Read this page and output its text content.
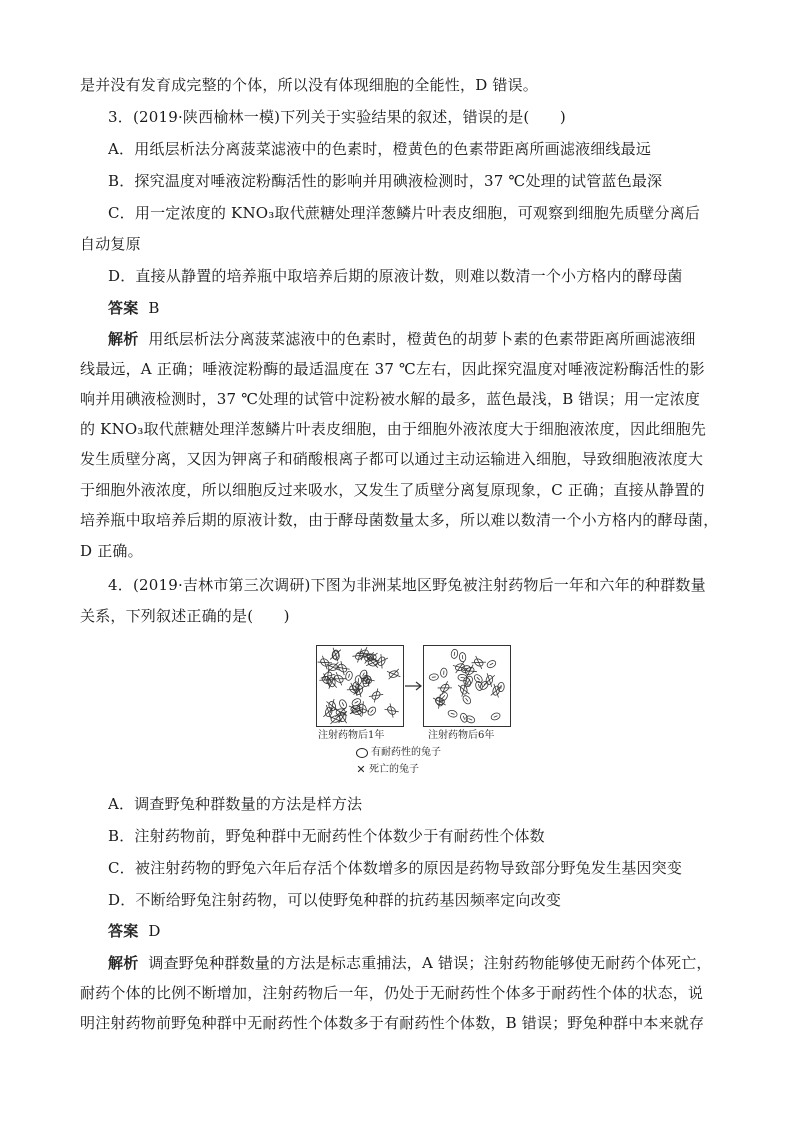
是并没有发育成完整的个体，所以没有体现细胞的全能性，D 错误。
3．(2019·陕西榆林一模)下列关于实验结果的叙述，错误的是(　　)
A．用纸层析法分离菠菜滤液中的色素时，橙黄色的色素带距离所画滤液细线最远
B．探究温度对唾液淀粉酶活性的影响并用碘液检测时，37 ℃处理的试管蓝色最深
C．用一定浓度的 KNO₃取代蔗糖处理洋葱鳞片叶表皮细胞，可观察到细胞先质壁分离后
自动复原
D．直接从静置的培养瓶中取培养后期的原液计数，则难以数清一个小方格内的酵母菌
答案 B
解析 用纸层析法分离菠菜滤液中的色素时，橙黄色的胡萝卜素的色素带距离所画滤液细
线最远，A 正确；唾液淀粉酶的最适温度在 37 ℃左右，因此探究温度对唾液淀粉酶活性的影
响并用碘液检测时，37 ℃处理的试管中淀粉被水解的最多，蓝色最浅，B 错误；用一定浓度
的 KNO₃取代蔗糖处理洋葱鳞片叶表皮细胞，由于细胞外液浓度大于细胞液浓度，因此细胞先
发生质壁分离，又因为钾离子和硝酸根离子都可以通过主动运输进入细胞，导致细胞液浓度大
于细胞外液浓度，所以细胞反过来吸水，又发生了质壁分离复原现象，C 正确；直接从静置的
培养瓶中取培养后期的原液计数，由于酵母菌数量太多，所以难以数清一个小方格内的酵母菌，
D 正确。
4．(2019·吉林市第三次调研)下图为非洲某地区野兔被注射药物后一年和六年的种群数量
关系，下列叙述正确的是(　　)
注射药物后1年	注射药物后6年
有耐药性的兔子
✕ 死亡的兔子
A．调查野兔种群数量的方法是样方法
B．注射药物前，野兔种群中无耐药性个体数少于有耐药性个体数
C．被注射药物的野兔六年后存活个体数增多的原因是药物导致部分野兔发生基因突变
D．不断给野兔注射药物，可以使野兔种群的抗药基因频率定向改变
答案 D
解析 调查野兔种群数量的方法是标志重捕法，A 错误；注射药物能够使无耐药个体死亡，
耐药个体的比例不断增加，注射药物后一年，仍处于无耐药性个体多于耐药性个体的状态，说
明注射药物前野兔种群中无耐药性个体数多于有耐药性个体数，B 错误；野兔种群中本来就存
